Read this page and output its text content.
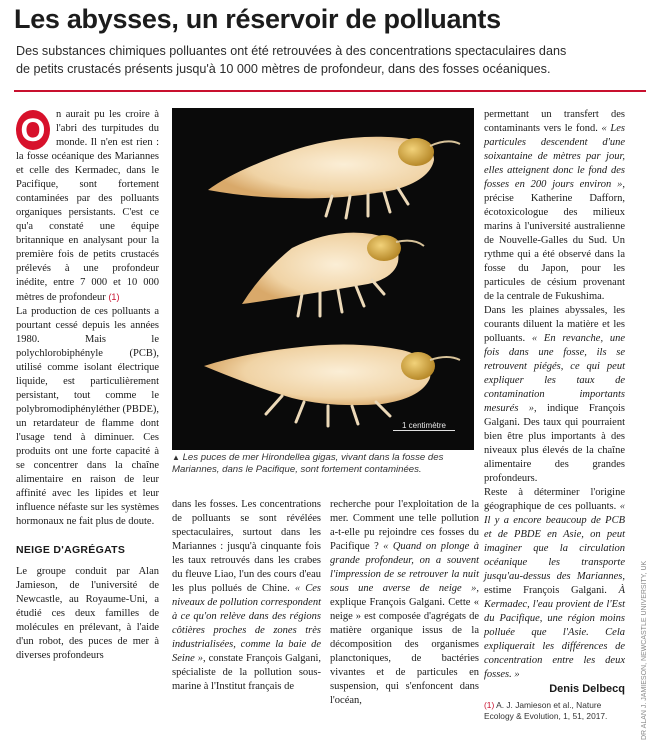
Les abysses, un réservoir de polluants

Des substances chimiques polluantes ont été retrouvées à des concentrations spectaculaires dans de petits crustacés présents jusqu'à 10 000 mètres de profondeur, dans des fosses océaniques.

O	n aurait pu les croire à l'abri des turpitudes du monde. Il n'en est rien : la fosse océanique des Mariannes et celle des Kermadec, dans le Pacifique, sont fortement contaminées par des polluants organiques persistants. C'est ce qu'a constaté une équipe britannique en analysant pour la première fois de petits crustacés prélevés à une profondeur inédite, entre 7 000 et 10 000 mètres de profondeur (1)

La production de ces polluants a pourtant cessé depuis les années 1980. Mais le polychlorobiphényle (PCB), utilisé comme isolant électrique liquide, est particulièrement persistant, tout comme le polybromodiphényléther (PBDE), un retardateur de flamme dont l'usage tend à diminuer. Ces produits ont une forte capacité à se concentrer dans la chaîne alimentaire en raison de leur affinité avec les lipides et leur influence néfaste sur les systèmes hormonaux ne fait plus de doute.

NEIGE D'AGRÉGATS

Le groupe conduit par Alan Jamieson, de l'université de Newcastle, au Royaume-Uni, a étudié ces deux familles de molécules en prélevant, à l'aide d'un robot, des puces de mer à diverses profondeurs

1 centimètre

▲ Les puces de mer Hirondellea gigas, vivant dans la fosse des Mariannes, dans le Pacifique, sont fortement contaminées.

dans les fosses. Les concentrations de polluants se sont révélées spectaculaires, surtout dans les Mariannes : jusqu'à cinquante fois les taux retrouvés dans les crabes du fleuve Liao, l'un des cours d'eau les plus pollués de Chine. « Ces niveaux de pollution correspondent à ce qu'on relève dans des régions côtières proches de zones très industrialisées, comme la baie de Seine », constate François Galgani, spécialiste de la pollution sous-marine à l'Institut français de

recherche pour l'exploitation de la mer. Comment une telle pollution a-t-elle pu rejoindre ces fosses du Pacifique ? « Quand on plonge à grande profondeur, on a souvent l'impression de se retrouver la nuit sous une averse de neige », explique François Galgani. Cette « neige » est composée d'agrégats de matière organique issus de la décomposition des organismes planctoniques, de bactéries vivantes et de particules en suspension, qui s'enfoncent dans l'océan,

permettant un transfert des contaminants vers le fond. « Les particules descendent d'une soixantaine de mètres par jour, elles atteignent donc le fond des fosses en 200 jours environ », précise Katherine Dafforn, écotoxicologue des milieux marins à l'université australienne de Nouvelle-Galles du Sud. Un rythme qui a été observé dans la fosse du Japon, pour les particules de césium provenant de la centrale de Fukushima.

Dans les plaines abyssales, les courants diluent la matière et les polluants. « En revanche, une fois dans une fosse, ils se retrouvent piégés, ce qui peut expliquer les taux de contamination importants mesurés », indique François Galgani. Des taux qui pourraient bien être plus importants à des niveaux plus élevés de la chaîne alimentaire des grandes profondeurs.

Reste à déterminer l'origine géographique de ces polluants. « Il y a encore beaucoup de PCB et de PBDE en Asie, on peut imaginer que la circulation océanique les transporte jusqu'au-dessus des Mariannes, estime François Galgani. À Kermadec, l'eau provient de l'Est du Pacifique, une région moins polluée que l'Asie. Cela expliquerait les différences de concentration entre les deux fosses. »

Denis Delbecq

(1) A. J. Jamieson et al., Nature Ecology & Evolution, 1, 51, 2017.	DR ALAN J. JAMIESON, NEWCASTLE UNIVERSITY, UK
